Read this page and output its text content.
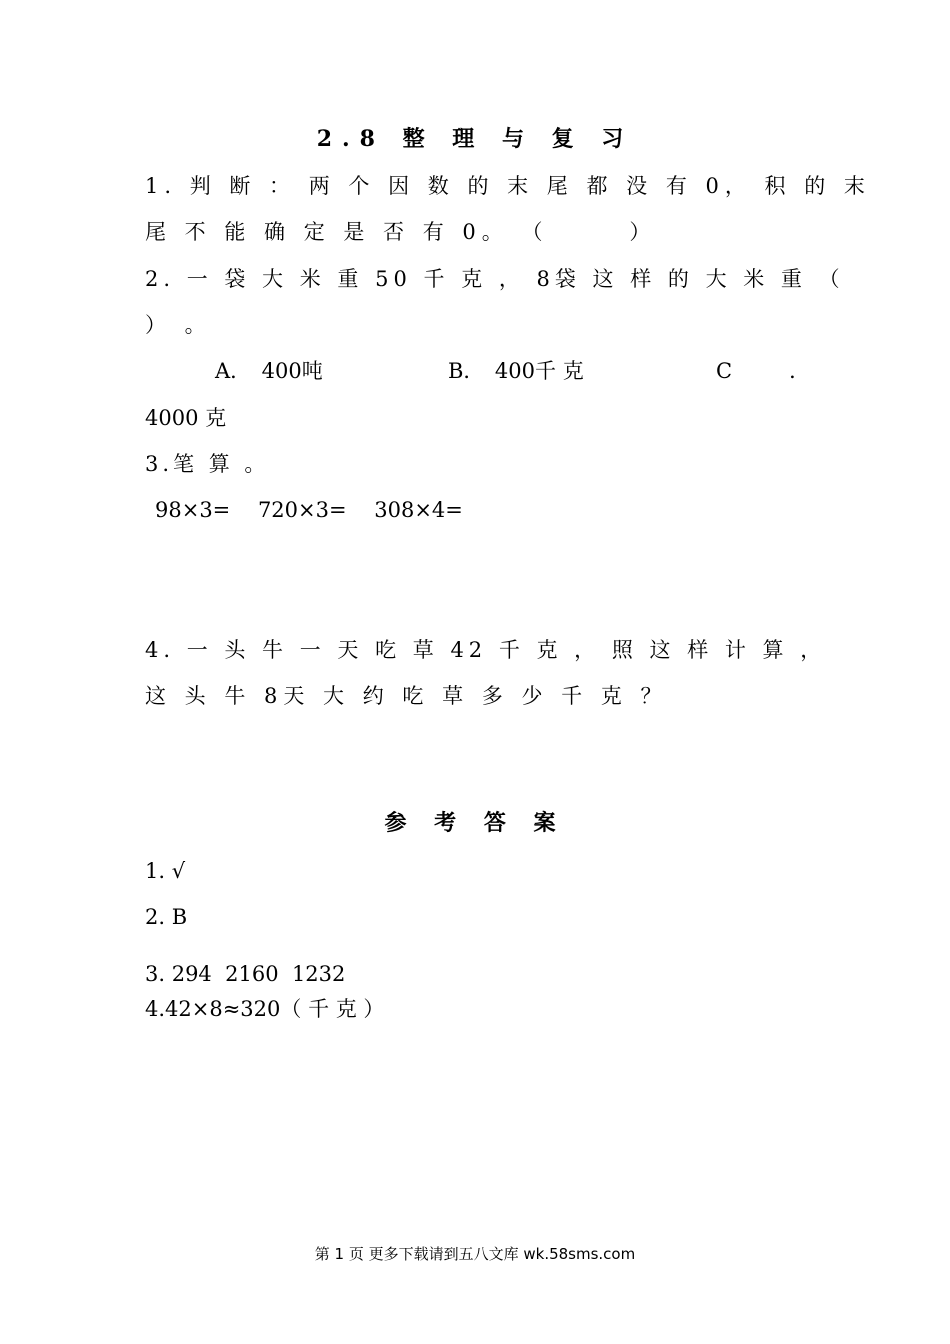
2.8 整 理 与 复 习
1. 判 断 ： 两 个 因 数 的 末 尾 都 没 有 0， 积 的 末
尾 不 能 确 定 是 否 有 0。 （　　　）
2. 一 袋 大 米 重 50 千 克 ， 8袋 这 样 的 大 米 重 （
） 。
A．　400吨	B．　400千 克	C　．
4000 克
3.笔 算 。
98×3=　 720×3=　 308×4=
4. 一 头 牛 一 天 吃 草 42 千 克 ， 照 这 样 计 算 ，
这 头 牛 8天 大 约 吃 草 多 少 千 克 ？
参 考 答 案
1. √
2. B
3. 294  2160  1232
4.42×8≈320（ 千 克 ）
第 1 页 更多下载请到五八文库 wk.58sms.com
